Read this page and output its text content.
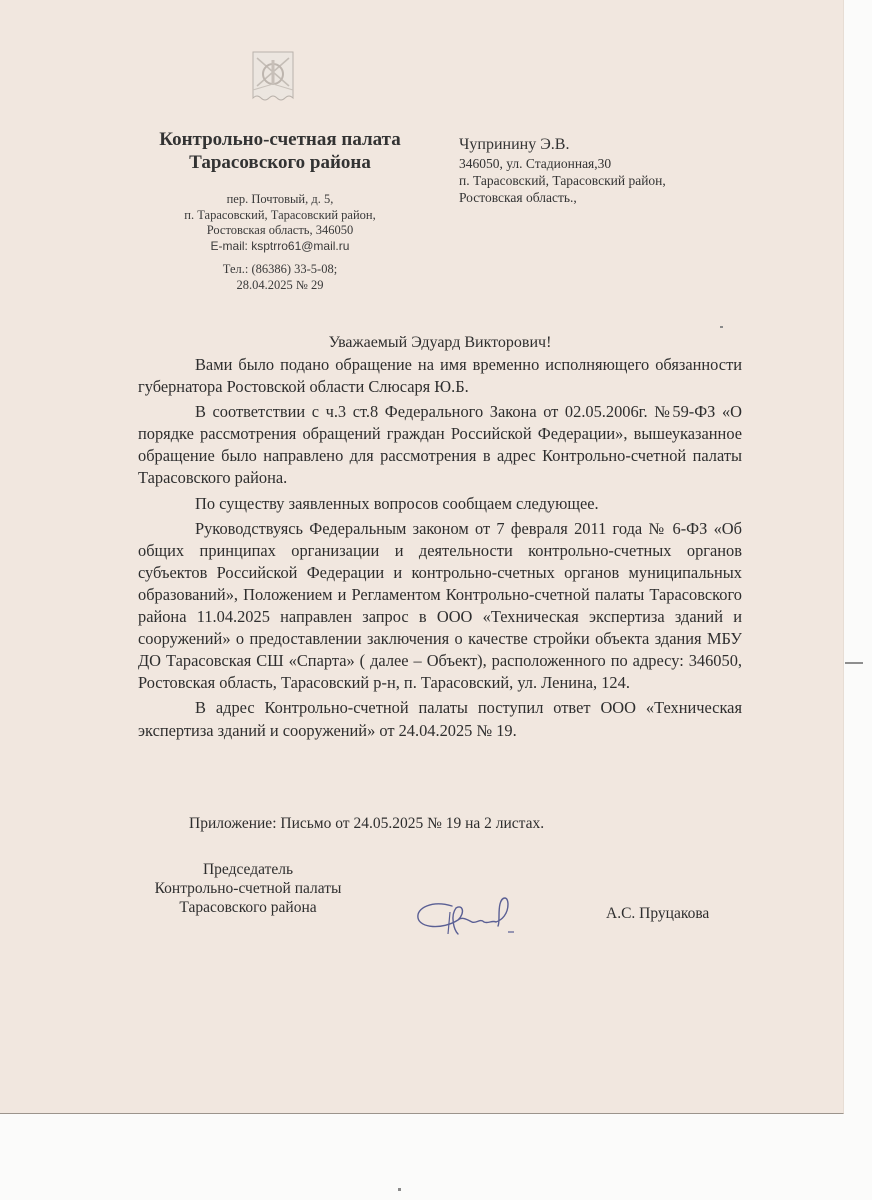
Контрольно-счетная палата
Тарасовского района
пер. Почтовый, д. 5,
п. Тарасовский, Тарасовский район,
Ростовская область, 346050
E-mail: ksptrro61@mail.ru
Тел.: (86386) 33-5-08;
28.04.2025 № 29
Чупринину Э.В.
346050, ул. Стадионная,30
п. Тарасовский, Тарасовский район,
Ростовская область.,
Уважаемый Эдуард Викторович!

Вами было подано обращение на имя временно исполняющего обязанности губернатора Ростовской области Слюсаря Ю.Б.

В соответствии с ч.3 ст.8 Федерального Закона от 02.05.2006г. №59-ФЗ «О порядке рассмотрения обращений граждан Российской Федерации», вышеуказанное обращение было направлено для рассмотрения в адрес Контрольно-счетной палаты Тарасовского района.

По существу заявленных вопросов сообщаем следующее.

Руководствуясь Федеральным законом от 7 февраля 2011 года № 6-ФЗ «Об общих принципах организации и деятельности контрольно-счетных органов субъектов Российской Федерации и контрольно-счетных органов муниципальных образований», Положением и Регламентом Контрольно-счетной палаты Тарасовского района 11.04.2025 направлен запрос в ООО «Техническая экспертиза зданий и сооружений» о предоставлении заключения о качестве стройки объекта здания МБУ ДО Тарасовская СШ «Спарта» ( далее – Объект), расположенного по адресу: 346050, Ростовская область, Тарасовский р-н, п. Тарасовский, ул. Ленина, 124.

В адрес Контрольно-счетной палаты поступил ответ ООО «Техническая экспертиза зданий и сооружений» от 24.04.2025 № 19.

Приложение: Письмо от 24.05.2025 № 19 на 2 листах.
Председатель
Контрольно-счетной палаты
Тарасовского района	А.С. Пруцакова
